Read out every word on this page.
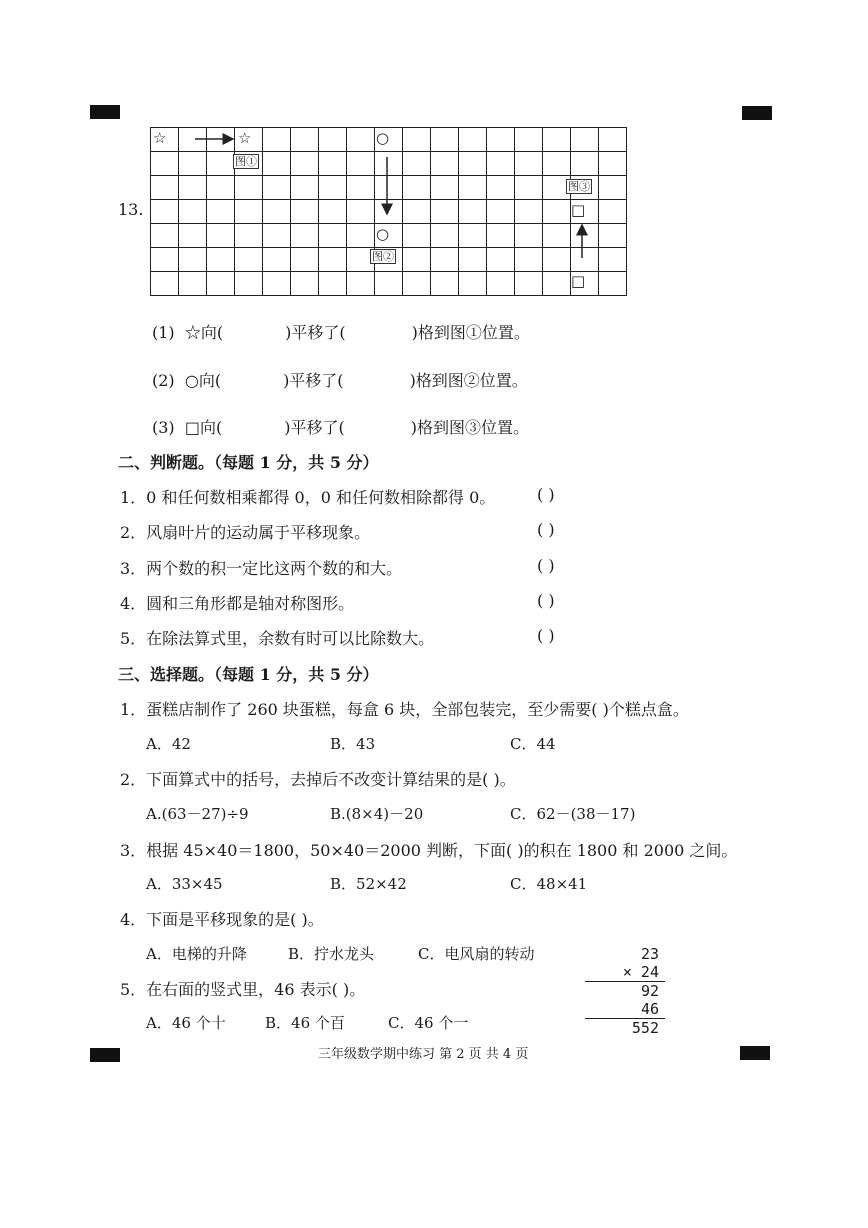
13.
☆	☆
图①
○
○
图②
图③
□
□
(1) ☆向(	)平移了(	)格到图①位置。
(2) ○向(	)平移了(	)格到图②位置。
(3) □向(	)平移了(	)格到图③位置。
二、判断题。（每题 1 分，共 5 分）
1．0 和任何数相乘都得 0，0 和任何数相除都得 0。	( )
2．风扇叶片的运动属于平移现象。	( )
3．两个数的积一定比这两个数的和大。	( )
4．圆和三角形都是轴对称图形。	( )
5．在除法算式里，余数有时可以比除数大。	( )
三、选择题。（每题 1 分，共 5 分）
1．蛋糕店制作了 260 块蛋糕，每盒 6 块，全部包装完，至少需要( )个糕点盒。
A．42	B．43	C．44
2．下面算式中的括号，去掉后不改变计算结果的是( )。
A.(63－27)÷9	B.(8×4)－20	C．62－(38－17)
3．根据 45×40＝1800，50×40＝2000 判断，下面( )的积在 1800 和 2000 之间。
A．33×45	B．52×42	C．48×41
4．下面是平移现象的是( )。
A．电梯的升降	B．拧水龙头	C．电风扇的转动
5．在右面的竖式里，46 表示( )。
A．46 个十	B．46 个百	C．46 个一
23
× 24
92
46
552
三年级数学期中练习 第 2 页 共 4 页
